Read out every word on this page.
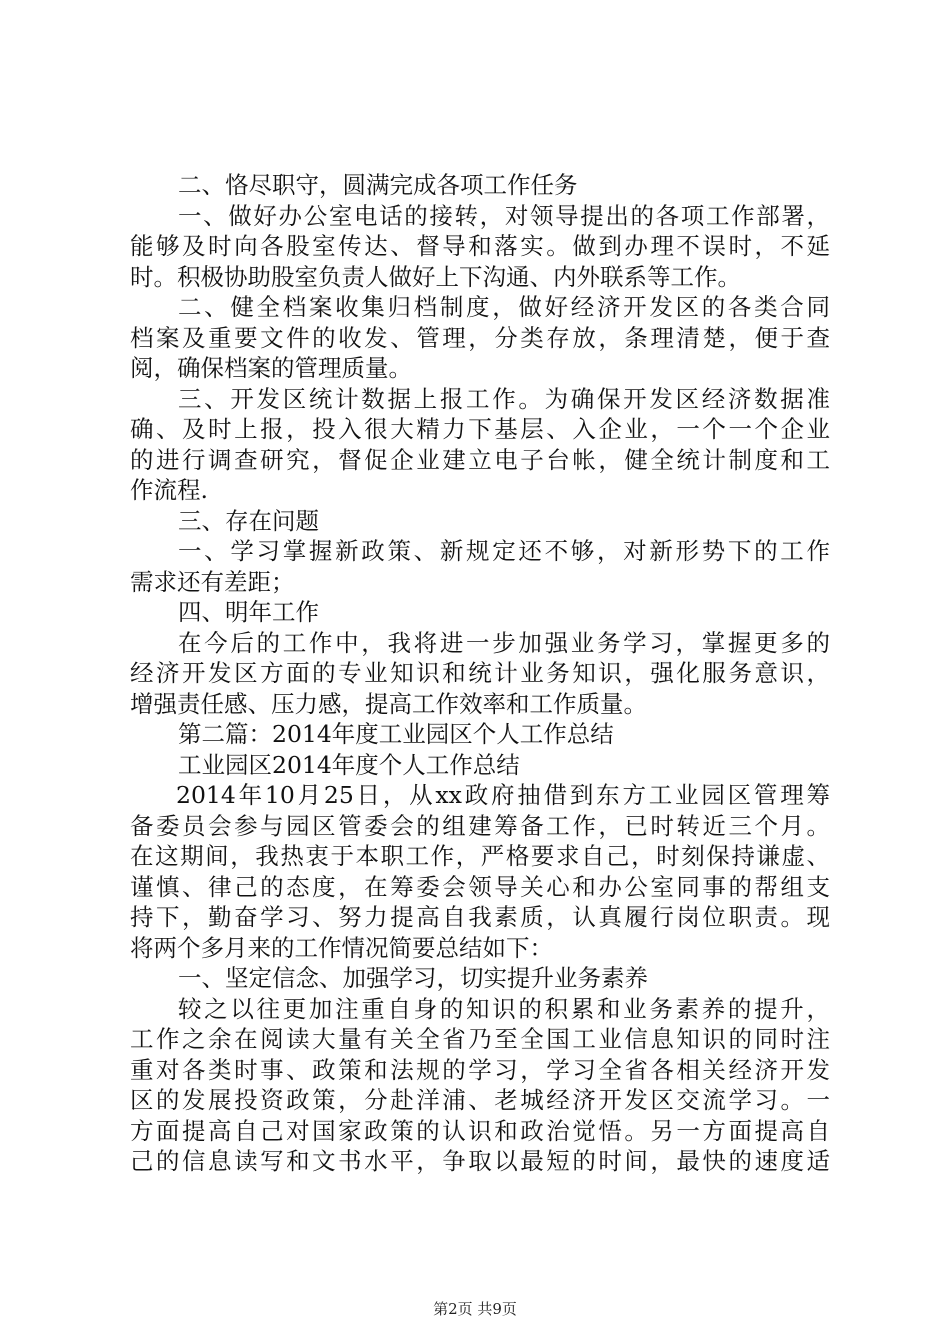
二、恪尽职守，圆满完成各项工作任务
一、做好办公室电话的接转，对领导提出的各项工作部署，
能够及时向各股室传达、督导和落实。做到办理不误时，不延
时。积极协助股室负责人做好上下沟通、内外联系等工作。
二、健全档案收集归档制度，做好经济开发区的各类合同
档案及重要文件的收发、管理，分类存放，条理清楚，便于查
阅，确保档案的管理质量。
三、开发区统计数据上报工作。为确保开发区经济数据准
确、及时上报，投入很大精力下基层、入企业，一个一个企业
的进行调查研究，督促企业建立电子台帐，健全统计制度和工
作流程.
三、存在问题
一、学习掌握新政策、新规定还不够，对新形势下的工作
需求还有差距；
四、明年工作
在今后的工作中，我将进一步加强业务学习，掌握更多的
经济开发区方面的专业知识和统计业务知识，强化服务意识，
增强责任感、压力感，提高工作效率和工作质量。
第二篇：2014年度工业园区个人工作总结
工业园区2014年度个人工作总结
2014年10月25日，从xx政府抽借到东方工业园区管理筹
备委员会参与园区管委会的组建筹备工作，已时转近三个月。
在这期间，我热衷于本职工作，严格要求自己，时刻保持谦虚、
谨慎、律己的态度，在筹委会领导关心和办公室同事的帮组支
持下，勤奋学习、努力提高自我素质，认真履行岗位职责。现
将两个多月来的工作情况简要总结如下：
一、坚定信念、加强学习，切实提升业务素养
较之以往更加注重自身的知识的积累和业务素养的提升，
工作之余在阅读大量有关全省乃至全国工业信息知识的同时注
重对各类时事、政策和法规的学习，学习全省各相关经济开发
区的发展投资政策，分赴洋浦、老城经济开发区交流学习。一
方面提高自己对国家政策的认识和政治觉悟。另一方面提高自
己的信息读写和文书水平，争取以最短的时间，最快的速度适
第2页 共9页
